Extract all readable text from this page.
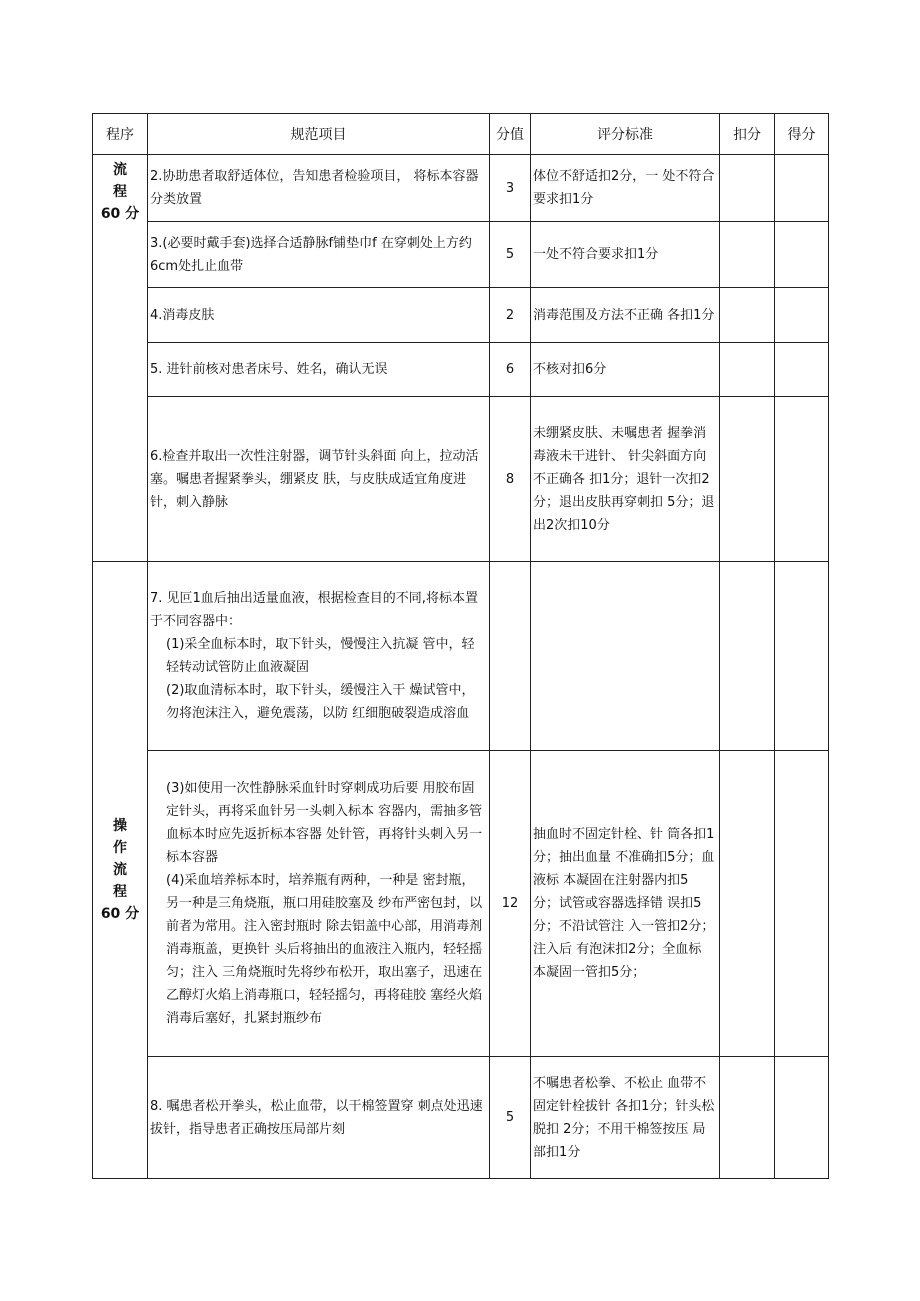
程序	规范项目	分值	评分标准	扣分	得分

流
程
60 分	2.协助患者取舒适体位，告知患者检验项目， 将标本容器分类放置	3	体位不舒适扣2分，一 处不符合要求扣1分		
	3.(必要时戴手套)选择合适静脉f铺垫巾f 在穿刺处上方约6cm处扎止血带	5	一处不符合要求扣1分		
	4.消毒皮肤	2	消毒范围及方法不正确 各扣1分		
	5. 进针前核对患者床号、姓名，确认无误	6	不核对扣6分		
	6.检查并取出一次性注射器，调节针头斜面 向上，拉动活塞。嘱患者握紧拳头，绷紧皮 肤，与皮肤成适宜角度进针，刺入静脉	8	未绷紧皮肤、未嘱患者 握拳消毒液未干进针、 针尖斜面方向不正确各 扣1分；退针一次扣2 分；退出皮肤再穿刺扣 5分；退出2次扣10分		

操
作
流
程
60 分	7. 见叵1血后抽出适量血液，根据检查目的不同,将标本置于不同容器中：
(1)采全血标本时，取下针头，慢慢注入抗凝 管中，轻轻转动试管防止血液凝固
(2)取血清标本时，取下针头，缓慢注入干 燥试管中，勿将泡沫注入，避免震荡，以防 红细胞破裂造成溶血				

	(3)如使用一次性静脉采血针时穿刺成功后要 用胶布固定针头，再将采血针另一头刺入标本 容器内，需抽多管血标本时应先返折标本容器 处针管，再将针头刺入另一标本容器
(4)采血培养标本时，培养瓶有两种，一种是 密封瓶，另一种是三角烧瓶，瓶口用硅胶塞及 纱布严密包封，以前者为常用。注入密封瓶时 除去铝盖中心部，用消毒剂消毒瓶盖，更换针 头后将抽出的血液注入瓶内，轻轻摇匀；注入 三角烧瓶时先将纱布松开，取出塞子，迅速在 乙醇灯火焰上消毒瓶口，轻轻摇匀，再将硅胶 塞经火焰消毒后塞好，扎紧封瓶纱布	12	抽血时不固定针栓、针 筒各扣1分；抽出血量 不准确扣5分；血液标 本凝固在注射器内扣5 分；试管或容器选择错 误扣5分；不沿试管注 入一管扣2分；注入后 有泡沫扣2分；全血标 本凝固一管扣5分；		
	8. 嘱患者松开拳头，松止血带，以干棉签置穿 刺点处迅速拔针，指导患者正确按压局部片刻	5	不嘱患者松拳、不松止 血带不固定针栓拔针 各扣1分；针头松脱扣 2分；不用干棉签按压 局部扣1分		
